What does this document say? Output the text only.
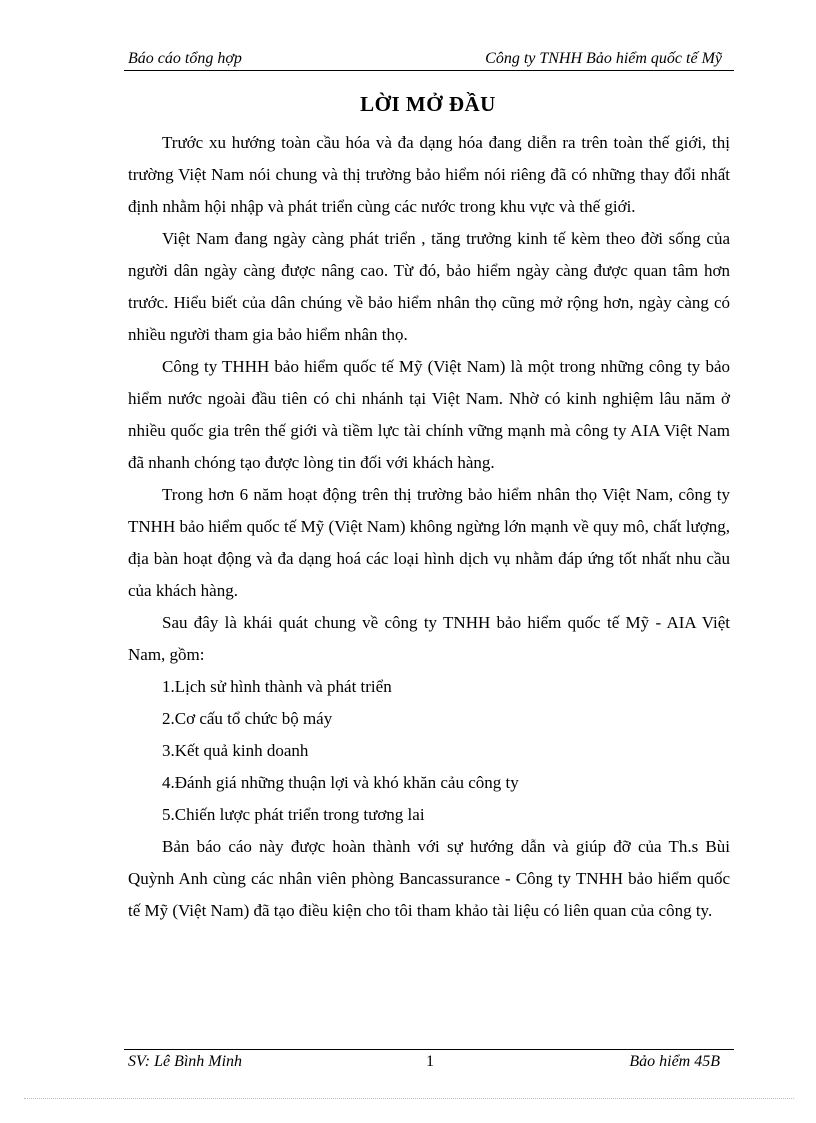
Báo cáo tổng hợp	Công ty TNHH Bảo hiểm quốc tế Mỹ
LỜI MỞ ĐẦU

Trước xu hướng toàn cầu hóa và đa dạng hóa đang diễn ra trên toàn thế giới, thị trường Việt Nam nói chung và thị trường bảo hiểm nói riêng đã có những thay đổi nhất định nhằm hội nhập và phát triển cùng các nước trong khu vực và thế giới.

Việt Nam đang ngày càng phát triển , tăng trưởng kinh tế kèm theo đời sống của người dân ngày càng được nâng cao. Từ đó, bảo hiểm ngày càng được quan tâm hơn trước. Hiểu biết của dân chúng về bảo hiểm nhân thọ cũng mở rộng hơn, ngày càng có nhiều người tham gia bảo hiểm nhân thọ.

Công ty THHH bảo hiểm quốc tế Mỹ (Việt Nam) là một trong những công ty bảo hiểm nước ngoài đầu tiên có chi nhánh tại Việt Nam. Nhờ có kinh nghiệm lâu năm ở nhiều quốc gia trên thế giới và tiềm lực tài chính vững mạnh mà công ty AIA Việt Nam đã nhanh chóng tạo được lòng tin đối với khách hàng.

Trong hơn 6 năm hoạt động trên thị trường bảo hiểm nhân thọ Việt Nam, công ty TNHH bảo hiểm quốc tế Mỹ (Việt Nam) không ngừng lớn mạnh về quy mô, chất lượng, địa bàn hoạt động và đa dạng hoá các loại hình dịch vụ nhằm đáp ứng tốt nhất nhu cầu của khách hàng.

Sau đây là khái quát chung về công ty TNHH bảo hiểm quốc tế Mỹ - AIA Việt Nam, gồm:

1.Lịch sử hình thành và phát triển

2.Cơ cấu tổ chức bộ máy

3.Kết quả kinh doanh

4.Đánh giá những thuận lợi và khó khăn cảu công ty

5.Chiến lược phát triển trong tương lai

Bản báo cáo này được hoàn thành với sự hướng dẫn và giúp đỡ của Th.s Bùi Quỳnh Anh cùng các nhân viên phòng Bancassurance - Công ty TNHH bảo hiểm quốc tế Mỹ (Việt Nam) đã tạo điều kiện cho tôi tham khảo tài liệu có liên quan của công ty.

SV: Lê Bình Minh	1	Bảo hiểm 45B
